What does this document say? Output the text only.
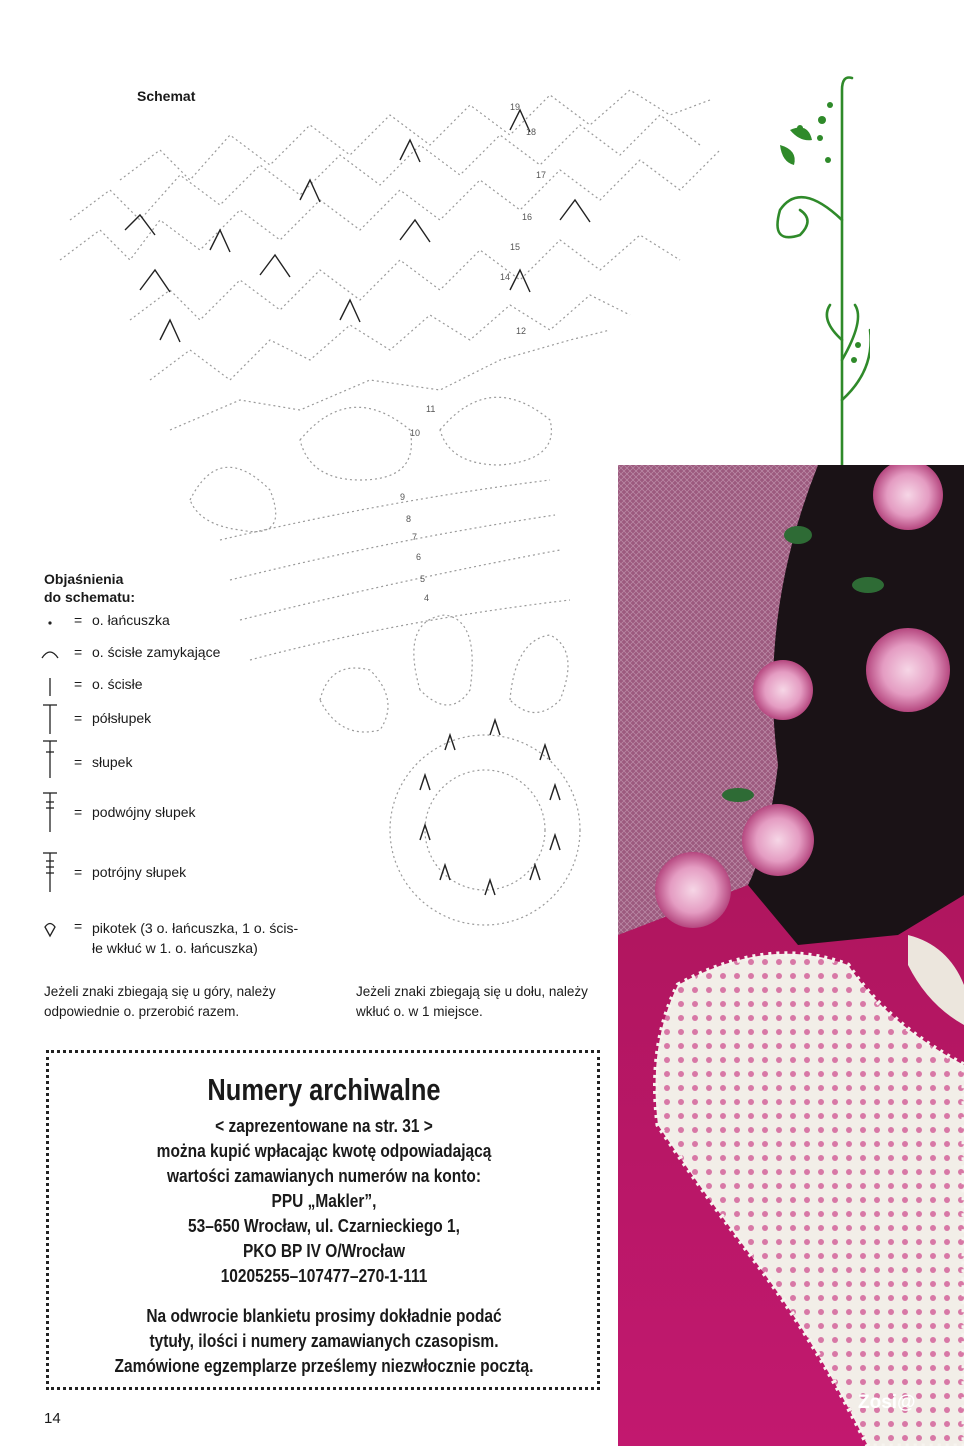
Schemat
19
18
17
16
15
14
12
11
10
9
8
7
6
5
4
Objaśnienia
do schematu:
= o. łańcuszka
= o. ścisłe zamykające
= o. ścisłe
= półsłupek
= słupek
= podwójny słupek
= potrójny słupek
= pikotek (3 o. łańcuszka, 1 o. ścis-
łe wkłuć w 1. o. łańcuszka)
Jeżeli znaki zbiegają się u góry, należy
odpowiednie o. przerobić razem.
Jeżeli znaki zbiegają się u dołu, należy
wkłuć o. w 1 miejsce.
Numery archiwalne
< zaprezentowane na str. 31 >
można kupić wpłacając kwotę odpowiadającą
wartości zamawianych numerów na konto:
PPU „Makler”,
53–650 Wrocław, ul. Czarnieckiego 1,
PKO BP IV O/Wrocław
10205255–107477–270-1-111
Na odwrocie blankietu prosimy dokładnie podać
tytuły, ilości i numery zamawianych czasopism.
Zamówione egzemplarze prześlemy niezwłocznie pocztą.
14
Zosi@
